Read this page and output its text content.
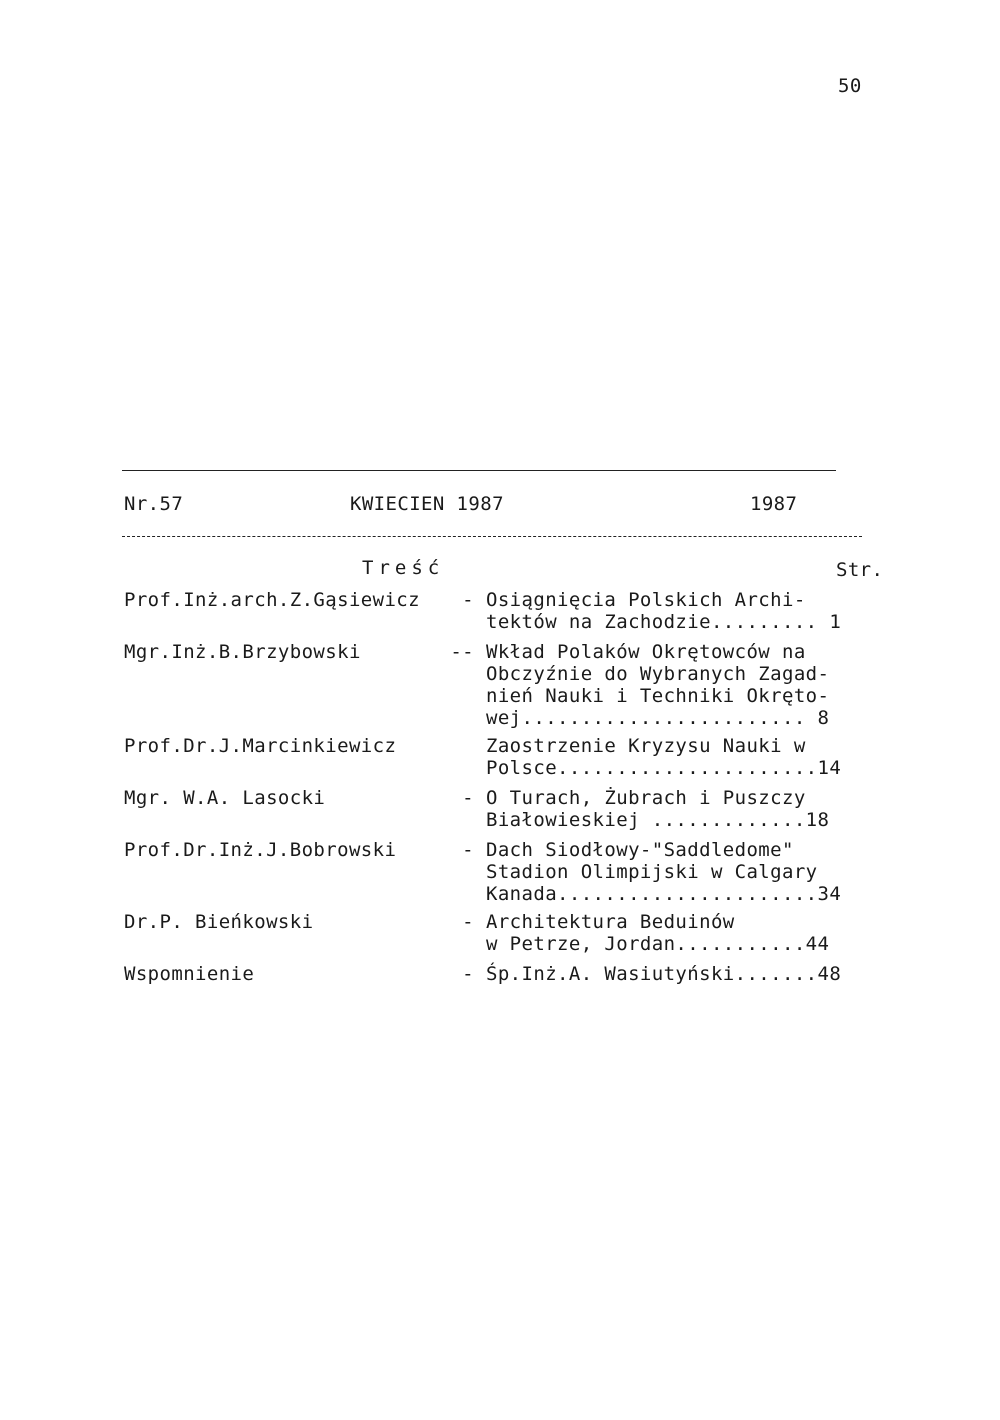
50
Nr.57	KWIECIEN 1987	1987
Treść	Str.
Prof.Inż.arch.Z.Gąsiewicz	- Osiągnięcia Polskich Archi-
tektów na Zachodzie......... 1
Mgr.Inż.B.Brzybowski	-- Wkład Polaków Okrętowców na
Obczyźnie do Wybranych Zagad-
nień Nauki i Techniki Okręto-
wej........................ 8
Prof.Dr.J.Marcinkiewicz	Zaostrzenie Kryzysu Nauki w
Polsce......................14
Mgr. W.A. Lasocki	- O Turach, Żubrach i Puszczy
Białowieskiej .............18
Prof.Dr.Inż.J.Bobrowski	- Dach Siodłowy-"Saddledome"
Stadion Olimpijski w Calgary
Kanada......................34
Dr.P. Bieńkowski	- Architektura Beduinów
w Petrze, Jordan...........44
Wspomnienie	- Śp.Inż.A. Wasiutyński.......48
